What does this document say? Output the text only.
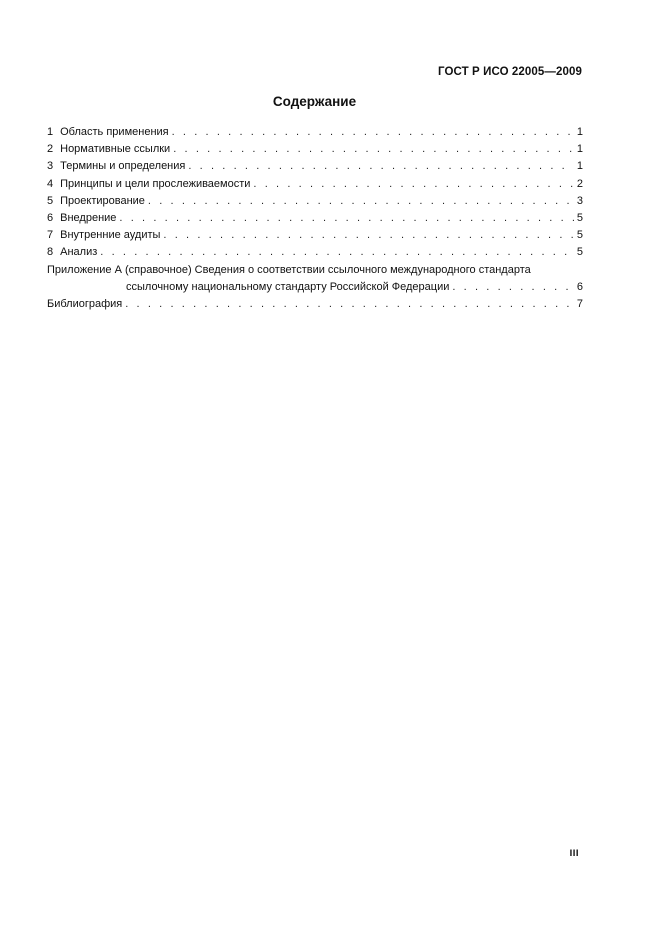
ГОСТ Р ИСО 22005—2009
Содержание
1 Область применения . . .	1
2 Нормативные ссылки . . .	1
3 Термины и определения . . .	1
4 Принципы и цели прослеживаемости . . .	2
5 Проектирование . . .	3
6 Внедрение . . .	5
7 Внутренние аудиты . . .	5
8 Анализ . . .	5
Приложение А (справочное) Сведения о соответствии ссылочного международного стандарта
ссылочному национальному стандарту Российской Федерации . . .	6
Библиография . . .	7
III
